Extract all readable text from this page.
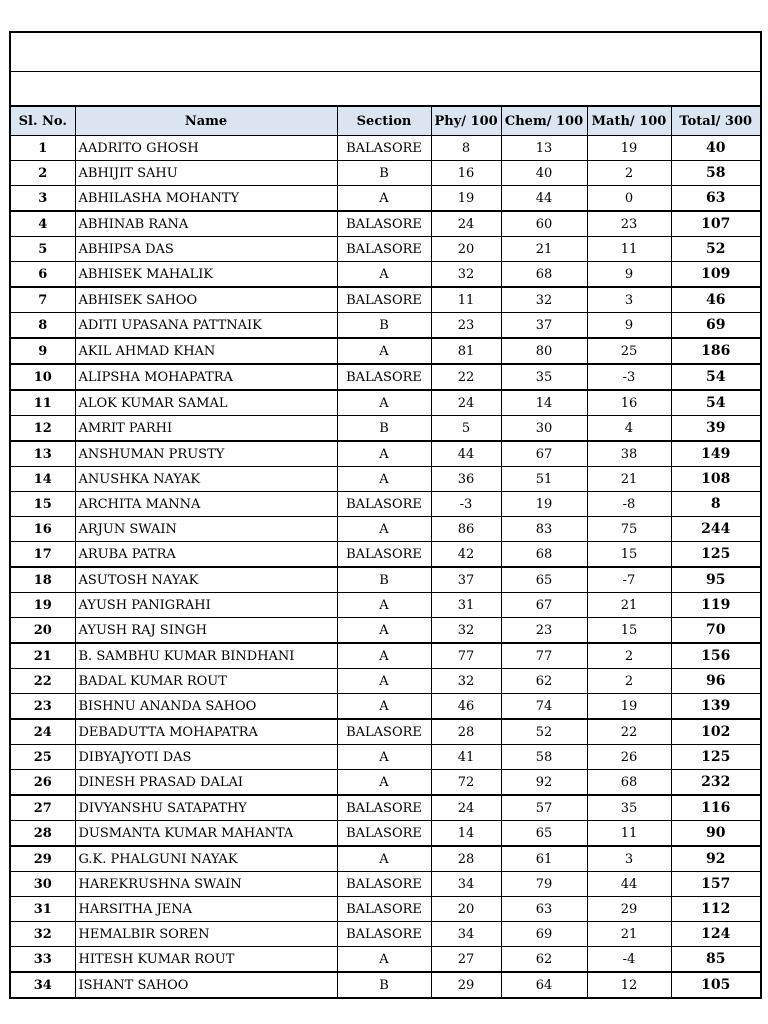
Sl. No.	Name	Section	Phy/ 100	Chem/ 100	Math/ 100	Total/ 300
1	AADRITO GHOSH	BALASORE	8	13	19	40
2	ABHIJIT SAHU	B	16	40	2	58
3	ABHILASHA MOHANTY	A	19	44	0	63
4	ABHINAB RANA	BALASORE	24	60	23	107
5	ABHIPSA DAS	BALASORE	20	21	11	52
6	ABHISEK MAHALIK	A	32	68	9	109
7	ABHISEK SAHOO	BALASORE	11	32	3	46
8	ADITI UPASANA PATTNAIK	B	23	37	9	69
9	AKIL AHMAD KHAN	A	81	80	25	186
10	ALIPSHA MOHAPATRA	BALASORE	22	35	-3	54
11	ALOK KUMAR SAMAL	A	24	14	16	54
12	AMRIT PARHI	B	5	30	4	39
13	ANSHUMAN PRUSTY	A	44	67	38	149
14	ANUSHKA NAYAK	A	36	51	21	108
15	ARCHITA MANNA	BALASORE	-3	19	-8	8
16	ARJUN SWAIN	A	86	83	75	244
17	ARUBA PATRA	BALASORE	42	68	15	125
18	ASUTOSH NAYAK	B	37	65	-7	95
19	AYUSH PANIGRAHI	A	31	67	21	119
20	AYUSH RAJ SINGH	A	32	23	15	70
21	B. SAMBHU KUMAR BINDHANI	A	77	77	2	156
22	BADAL KUMAR ROUT	A	32	62	2	96
23	BISHNU ANANDA SAHOO	A	46	74	19	139
24	DEBADUTTA MOHAPATRA	BALASORE	28	52	22	102
25	DIBYAJYOTI DAS	A	41	58	26	125
26	DINESH PRASAD DALAI	A	72	92	68	232
27	DIVYANSHU SATAPATHY	BALASORE	24	57	35	116
28	DUSMANTA KUMAR MAHANTA	BALASORE	14	65	11	90
29	G.K. PHALGUNI NAYAK	A	28	61	3	92
30	HAREKRUSHNA SWAIN	BALASORE	34	79	44	157
31	HARSITHA JENA	BALASORE	20	63	29	112
32	HEMALBIR SOREN	BALASORE	34	69	21	124
33	HITESH KUMAR ROUT	A	27	62	-4	85
34	ISHANT SAHOO	B	29	64	12	105
